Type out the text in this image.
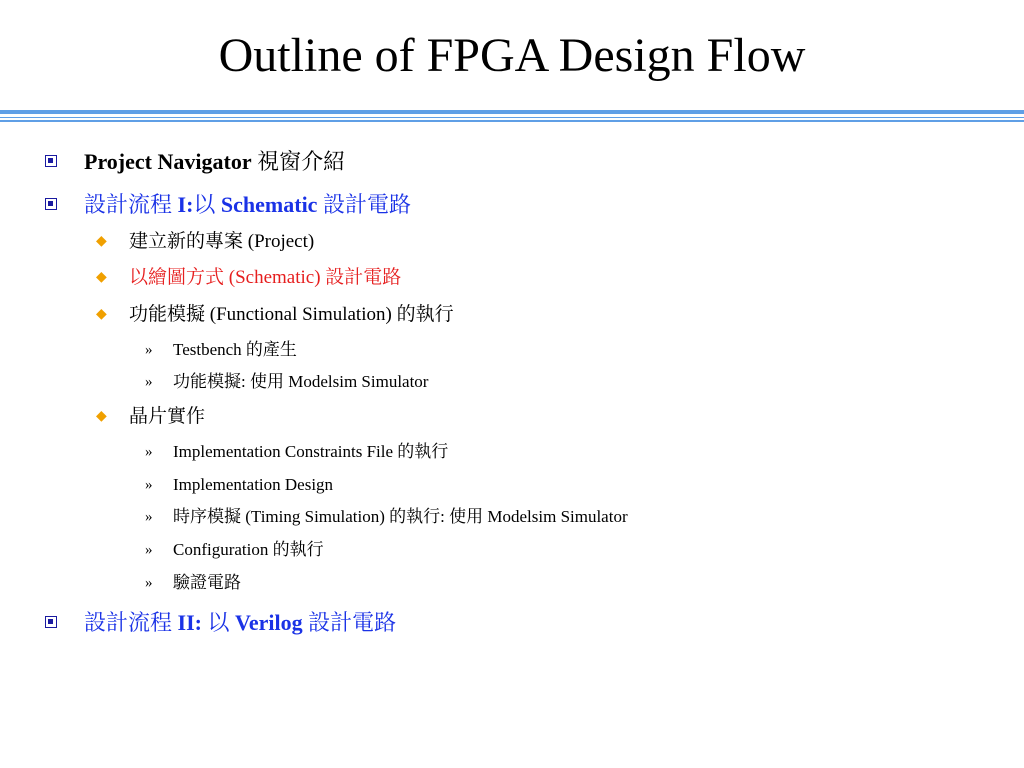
Outline of FPGA Design Flow
Project Navigator 視窗介紹
設計流程 I:以 Schematic 設計電路
◆ 建立新的專案 (Project)
◆ 以繪圖方式 (Schematic) 設計電路
◆ 功能模擬 (Functional Simulation) 的執行
» Testbench 的產生
» 功能模擬: 使用 Modelsim Simulator
◆ 晶片實作
» Implementation Constraints File 的執行
» Implementation Design
» 時序模擬 (Timing Simulation) 的執行: 使用 Modelsim Simulator
» Configuration 的執行
» 驗證電路
設計流程 II: 以 Verilog 設計電路
